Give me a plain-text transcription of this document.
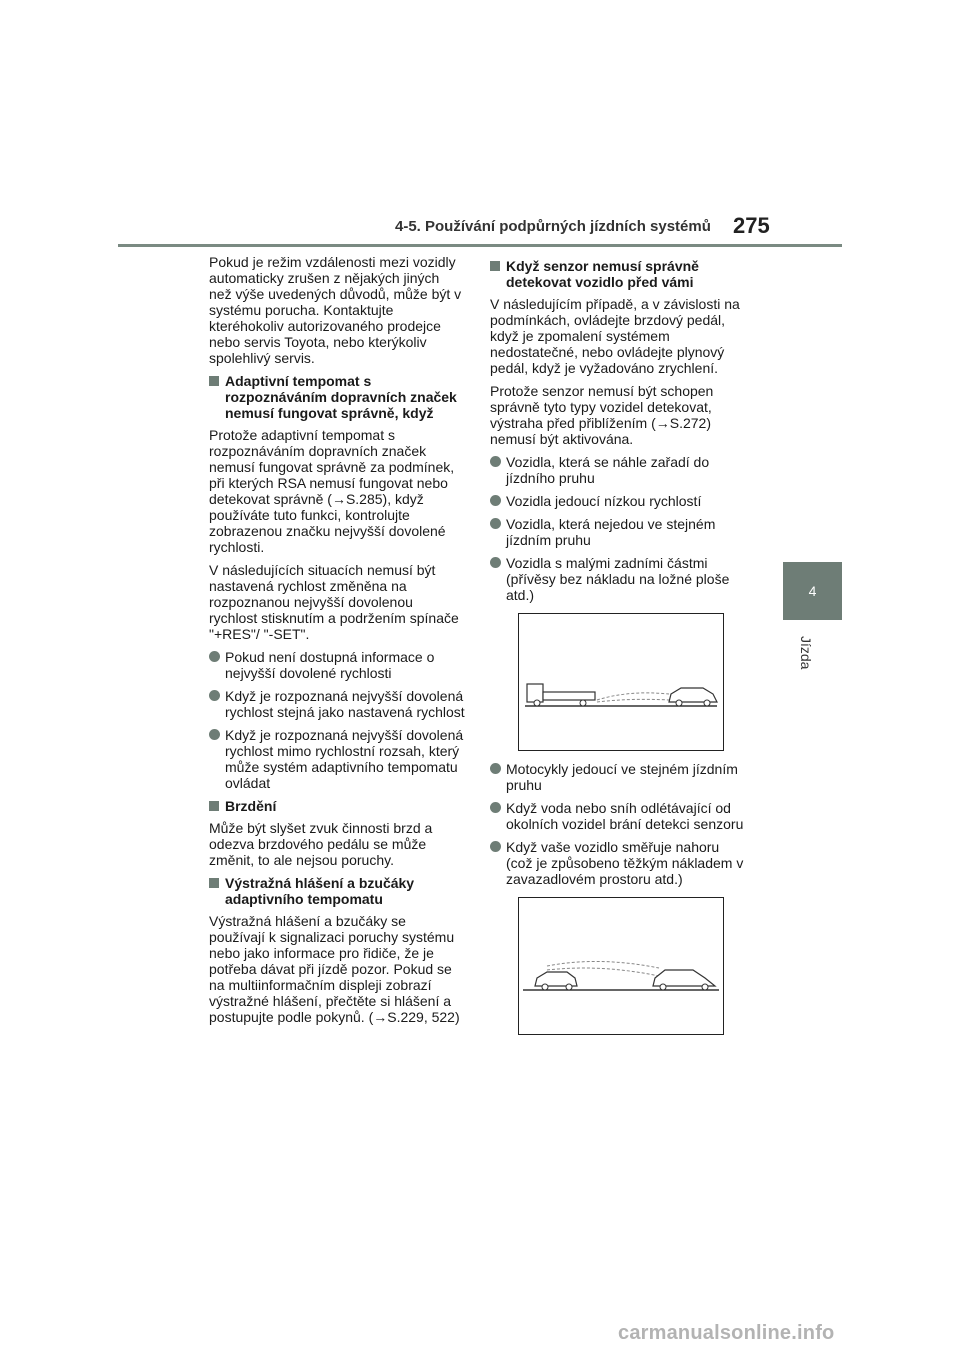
4-5. Používání podpůrných jízdních systémů 275
4
Jízda

Pokud je režim vzdálenosti mezi vozidly automaticky zrušen z nějakých jiných než výše uvedených důvodů, může být v systému porucha. Kontaktujte kteréhokoliv autorizovaného prodejce nebo servis Toyota, nebo kterýkoliv spolehlivý servis.

Adaptivní tempomat s rozpoznáváním dopravních značek nemusí fungovat správně, když

Protože adaptivní tempomat s rozpoznáváním dopravních značek nemusí fungovat správně za podmínek, při kterých RSA nemusí fungovat nebo detekovat správně (→S.285), když používáte tuto funkci, kontrolujte zobrazenou značku nejvyšší dovolené rychlosti.

V následujících situacích nemusí být nastavená rychlost změněna na rozpoznanou nejvyšší dovolenou rychlost stisknutím a podržením spínače "+RES"/ "-SET".

Pokud není dostupná informace o nejvyšší dovolené rychlosti
Když je rozpoznaná nejvyšší dovolená rychlost stejná jako nastavená rychlost
Když je rozpoznaná nejvyšší dovolená rychlost mimo rychlostní rozsah, který může systém adaptivního tempomatu ovládat
Brzdění

Může být slyšet zvuk činnosti brzd a odezva brzdového pedálu se může změnit, to ale nejsou poruchy.

Výstražná hlášení a bzučáky adaptivního tempomatu

Výstražná hlášení a bzučáky se používají k signalizaci poruchy systému nebo jako informace pro řidiče, že je potřeba dávat při jízdě pozor. Pokud se na multiinformačním displeji zobrazí výstražné hlášení, přečtěte si hlášení a postupujte podle pokynů. (→S.229, 522)

Když senzor nemusí správně detekovat vozidlo před vámi

V následujícím případě, a v závislosti na podmínkách, ovládejte brzdový pedál, když je zpomalení systémem nedostatečné, nebo ovládejte plynový pedál, když je vyžadováno zrychlení.

Protože senzor nemusí být schopen správně tyto typy vozidel detekovat, výstraha před přiblížením (→S.272) nemusí být aktivována.

Vozidla, která se náhle zařadí do jízdního pruhu
Vozidla jedoucí nízkou rychlostí
Vozidla, která nejedou ve stejném jízdním pruhu
Vozidla s malými zadními částmi (přívěsy bez nákladu na ložné ploše atd.)
Motocykly jedoucí ve stejném jízdním pruhu
Když voda nebo sníh odlétávající od okolních vozidel brání detekci senzoru
Když vaše vozidlo směřuje nahoru (což je způsobeno těžkým nákladem v zavazadlovém prostoru atd.)
carmanualsonline.info
